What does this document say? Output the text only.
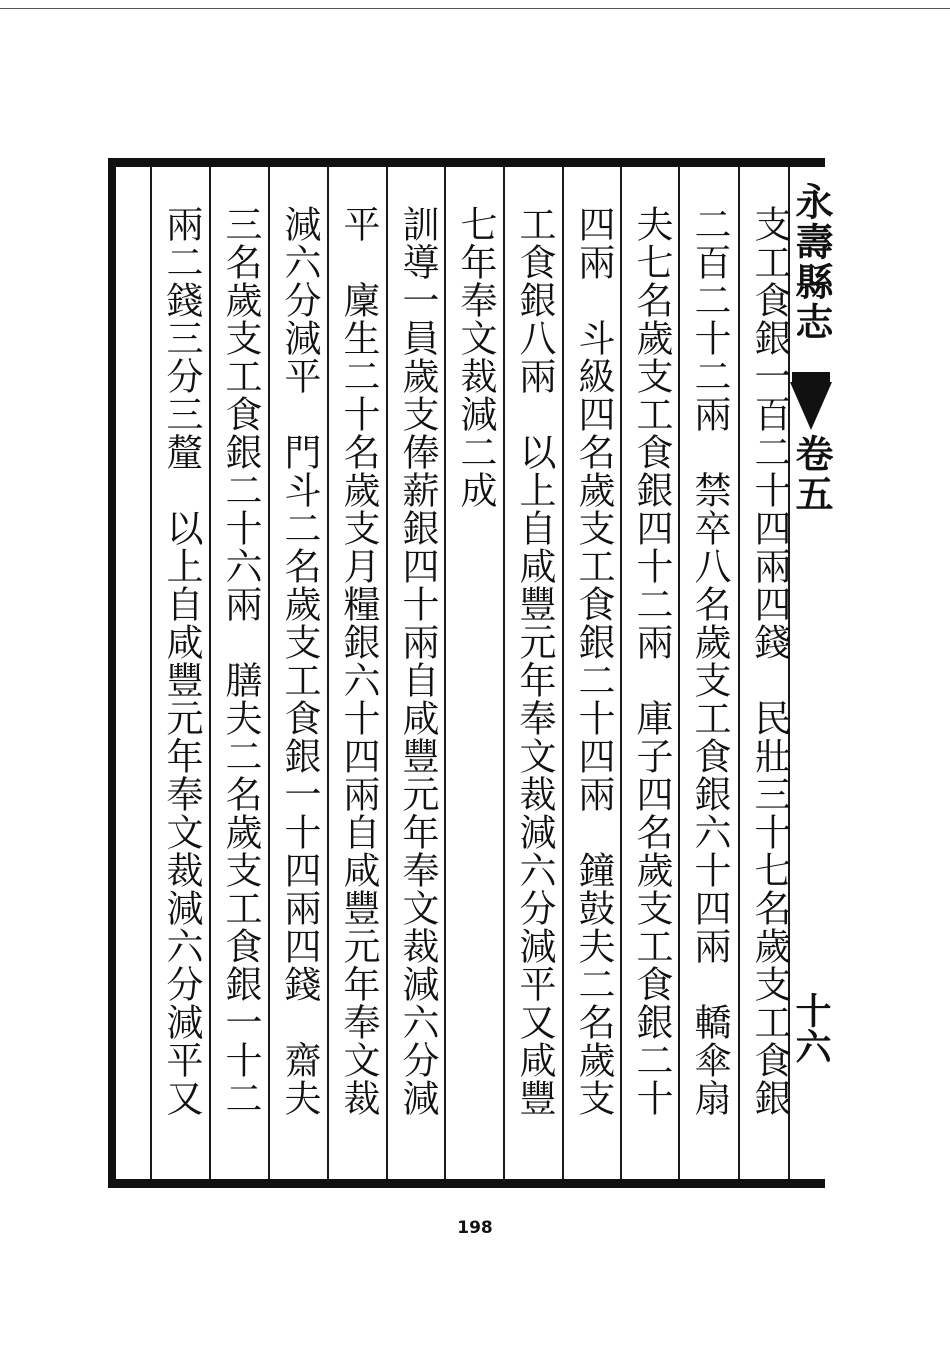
永壽縣志
卷五
十六
支工食銀一百二十四兩四錢　民壯三十七名歲支工食銀
二百二十二兩　禁卒八名歲支工食銀六十四兩　轎傘扇
夫七名歲支工食銀四十二兩　庫子四名歲支工食銀二十
四兩　斗級四名歲支工食銀二十四兩　鐘鼓夫二名歲支
工食銀八兩　以上自咸豐元年奉文裁減六分減平又咸豐
七年奉文裁減二成
訓導一員歲支俸薪銀四十兩自咸豐元年奉文裁減六分減
平　廩生二十名歲支月糧銀六十四兩自咸豐元年奉文裁
減六分減平　門斗二名歲支工食銀一十四兩四錢　齋夫
三名歲支工食銀二十六兩　膳夫二名歲支工食銀一十二
兩二錢三分三釐　以上自咸豐元年奉文裁減六分減平又
198
